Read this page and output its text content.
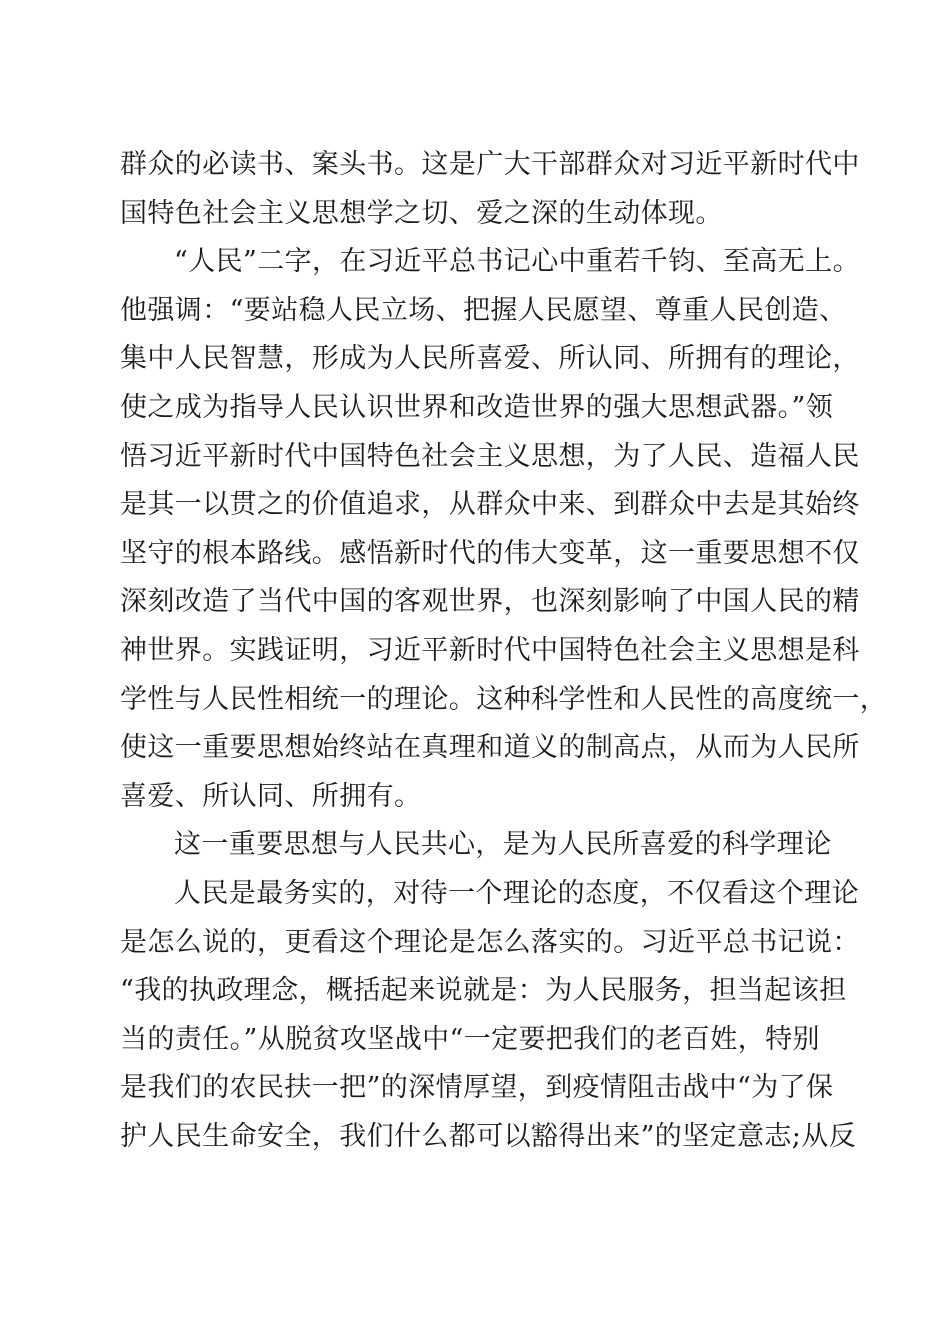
群众的必读书、案头书。这是广大干部群众对习近平新时代中
国特色社会主义思想学之切、爱之深的生动体现。
“人民”二字，在习近平总书记心中重若千钧、至高无上。
他强调：“要站稳人民立场、把握人民愿望、尊重人民创造、
集中人民智慧，形成为人民所喜爱、所认同、所拥有的理论，
使之成为指导人民认识世界和改造世界的强大思想武器。”领
悟习近平新时代中国特色社会主义思想，为了人民、造福人民
是其一以贯之的价值追求，从群众中来、到群众中去是其始终
坚守的根本路线。感悟新时代的伟大变革，这一重要思想不仅
深刻改造了当代中国的客观世界，也深刻影响了中国人民的精
神世界。实践证明，习近平新时代中国特色社会主义思想是科
学性与人民性相统一的理论。这种科学性和人民性的高度统一，
使这一重要思想始终站在真理和道义的制高点，从而为人民所
喜爱、所认同、所拥有。
这一重要思想与人民共心，是为人民所喜爱的科学理论
人民是最务实的，对待一个理论的态度，不仅看这个理论
是怎么说的，更看这个理论是怎么落实的。习近平总书记说：
“我的执政理念，概括起来说就是：为人民服务，担当起该担
当的责任。”从脱贫攻坚战中“一定要把我们的老百姓，特别
是我们的农民扶一把”的深情厚望，到疫情阻击战中“为了保
护人民生命安全，我们什么都可以豁得出来”的坚定意志;从反
